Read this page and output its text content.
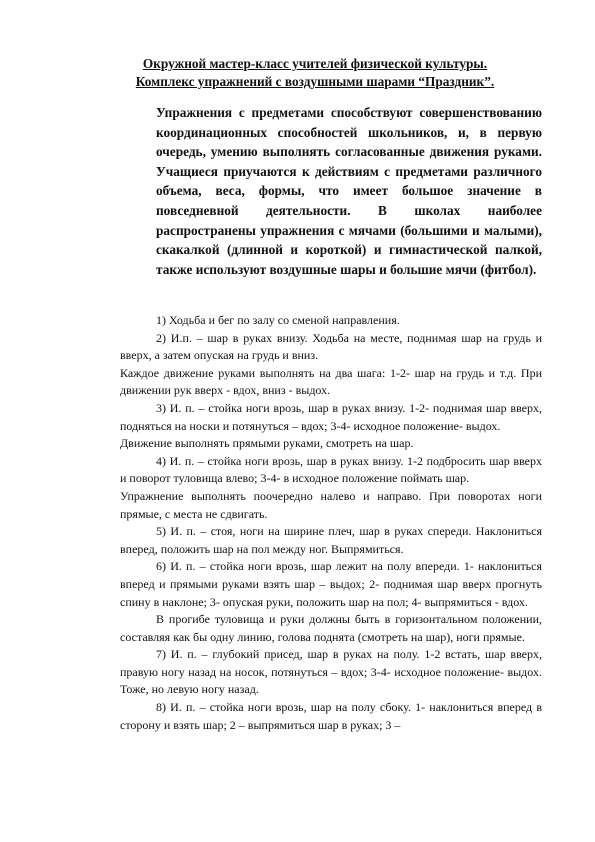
Окружной мастер-класс учителей физической культуры.
Комплекс упражнений с воздушными шарами “Праздник”.
Упражнения с предметами способствуют совершенствованию координационных способностей школьников, и, в первую очередь, умению выполнять согласованные движения руками. Учащиеся приучаются к действиям с предметами различного объема, веса, формы, что имеет большое значение в повседневной деятельности. В школах наиболее распространены упражнения с мячами (большими и малыми), скакалкой (длинной и короткой) и гимнастической палкой, также используют воздушные шары и большие мячи (фитбол).

1) Ходьба и бег по залу со сменой направления.

2) И.п. – шар в руках внизу. Ходьба на месте, поднимая шар на грудь и вверх, а затем опуская на грудь и вниз.

Каждое движение руками выполнять на два шага: 1-2- шар на грудь и т.д. При движении рук вверх - вдох, вниз - выдох.

3) И. п. – стойка ноги врозь, шар в руках внизу. 1-2- поднимая шар вверх, подняться на носки и потянуться – вдох; 3-4- исходное положение- выдох.

Движение выполнять прямыми руками, смотреть на шар.

4) И. п. – стойка ноги врозь, шар в руках внизу. 1-2 подбросить шар вверх и поворот туловища влево; 3-4- в исходное положение поймать шар.

Упражнение выполнять поочередно налево и направо. При поворотах ноги прямые, с места не сдвигать.

5) И. п. – стоя, ноги на ширине плеч, шар в руках спереди. Наклониться вперед, положить шар на пол между ног. Выпрямиться.

6) И. п. – стойка ноги врозь, шар лежит на полу впереди. 1- наклониться вперед и прямыми руками взять шар – выдох; 2- поднимая шар вверх прогнуть спину в наклоне; 3- опуская руки, положить шар на пол; 4- выпрямиться - вдох.

В прогибе туловища и руки должны быть в горизонтальном положении, составляя как бы одну линию, голова поднята (смотреть на шар), ноги прямые.

7) И. п. – глубокий присед, шар в руках на полу. 1-2 встать, шар вверх, правую ногу назад на носок, потянуться – вдох; 3-4- исходное положение- выдох. Тоже, но левую ногу назад.

8) И. п. – стойка ноги врозь, шар на полу сбоку. 1- наклониться вперед в сторону и взять шар; 2 – выпрямиться шар в руках; 3 –
